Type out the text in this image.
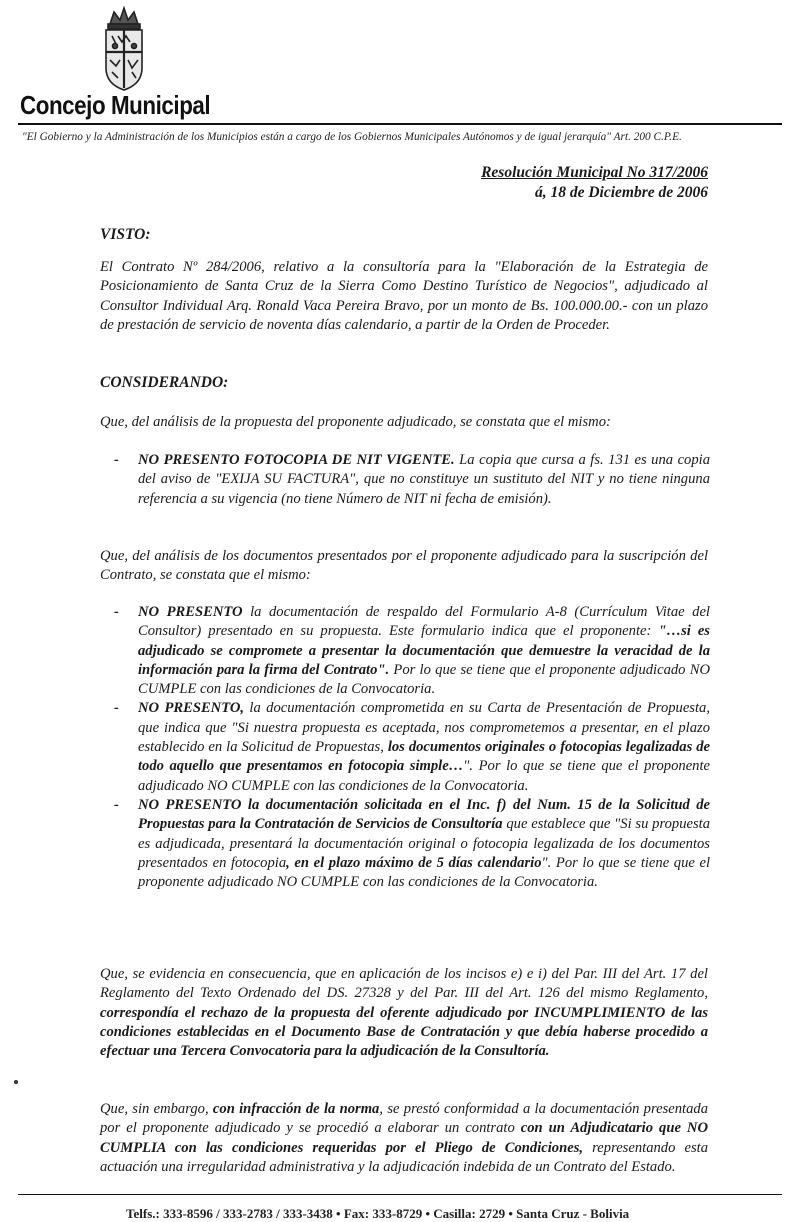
Concejo Municipal
"El Gobierno y la Administración de los Municipios están a cargo de los Gobiernos Municipales Autónomos y de igual jerarquía" Art. 200 C.P.E.
Resolución Municipal No 317/2006
á, 18 de Diciembre de 2006
VISTO:
El Contrato Nº 284/2006, relativo a la consultoría para la "Elaboración de la Estrategia de Posicionamiento de Santa Cruz de la Sierra Como Destino Turístico de Negocios", adjudicado al Consultor Individual Arq. Ronald Vaca Pereira Bravo, por un monto de Bs. 100.000.00.- con un plazo de prestación de servicio de noventa días calendario, a partir de la Orden de Proceder.
CONSIDERANDO:
Que, del análisis de la propuesta del proponente adjudicado, se constata que el mismo:

- NO PRESENTO FOTOCOPIA DE NIT VIGENTE. La copia que cursa a fs. 131 es una copia del aviso de "EXIJA SU FACTURA", que no constituye un sustituto del NIT y no tiene ninguna referencia a su vigencia (no tiene Número de NIT ni fecha de emisión).

Que, del análisis de los documentos presentados por el proponente adjudicado para la suscripción del Contrato, se constata que el mismo:

- NO PRESENTO la documentación de respaldo del Formulario A-8 (Currículum Vitae del Consultor) presentado en su propuesta. Este formulario indica que el proponente: "…si es adjudicado se compromete a presentar la documentación que demuestre la veracidad de la información para la firma del Contrato". Por lo que se tiene que el proponente adjudicado NO CUMPLE con las condiciones de la Convocatoria.

- NO PRESENTO, la documentación comprometida en su Carta de Presentación de Propuesta, que indica que "Si nuestra propuesta es aceptada, nos comprometemos a presentar, en el plazo establecido en la Solicitud de Propuestas, los documentos originales o fotocopias legalizadas de todo aquello que presentamos en fotocopia simple…". Por lo que se tiene que el proponente adjudicado NO CUMPLE con las condiciones de la Convocatoria.

- NO PRESENTO la documentación solicitada en el Inc. f) del Num. 15 de la Solicitud de Propuestas para la Contratación de Servicios de Consultoría que establece que "Si su propuesta es adjudicada, presentará la documentación original o fotocopia legalizada de los documentos presentados en fotocopia, en el plazo máximo de 5 días calendario". Por lo que se tiene que el proponente adjudicado NO CUMPLE con las condiciones de la Convocatoria.

Que, se evidencia en consecuencia, que en aplicación de los incisos e) e i) del Par. III del Art. 17 del Reglamento del Texto Ordenado del DS. 27328 y del Par. III del Art. 126 del mismo Reglamento, correspondía el rechazo de la propuesta del oferente adjudicado por INCUMPLIMIENTO de las condiciones establecidas en el Documento Base de Contratación y que debía haberse procedido a efectuar una Tercera Convocatoria para la adjudicación de la Consultoría.
Que, sin embargo, con infracción de la norma, se prestó conformidad a la documentación presentada por el proponente adjudicado y se procedió a elaborar un contrato con un Adjudicatario que NO CUMPLIA con las condiciones requeridas por el Pliego de Condiciones, representando esta actuación una irregularidad administrativa y la adjudicación indebida de un Contrato del Estado.
Telfs.: 333-8596 / 333-2783 / 333-3438 • Fax: 333-8729 • Casilla: 2729 • Santa Cruz - Bolivia
